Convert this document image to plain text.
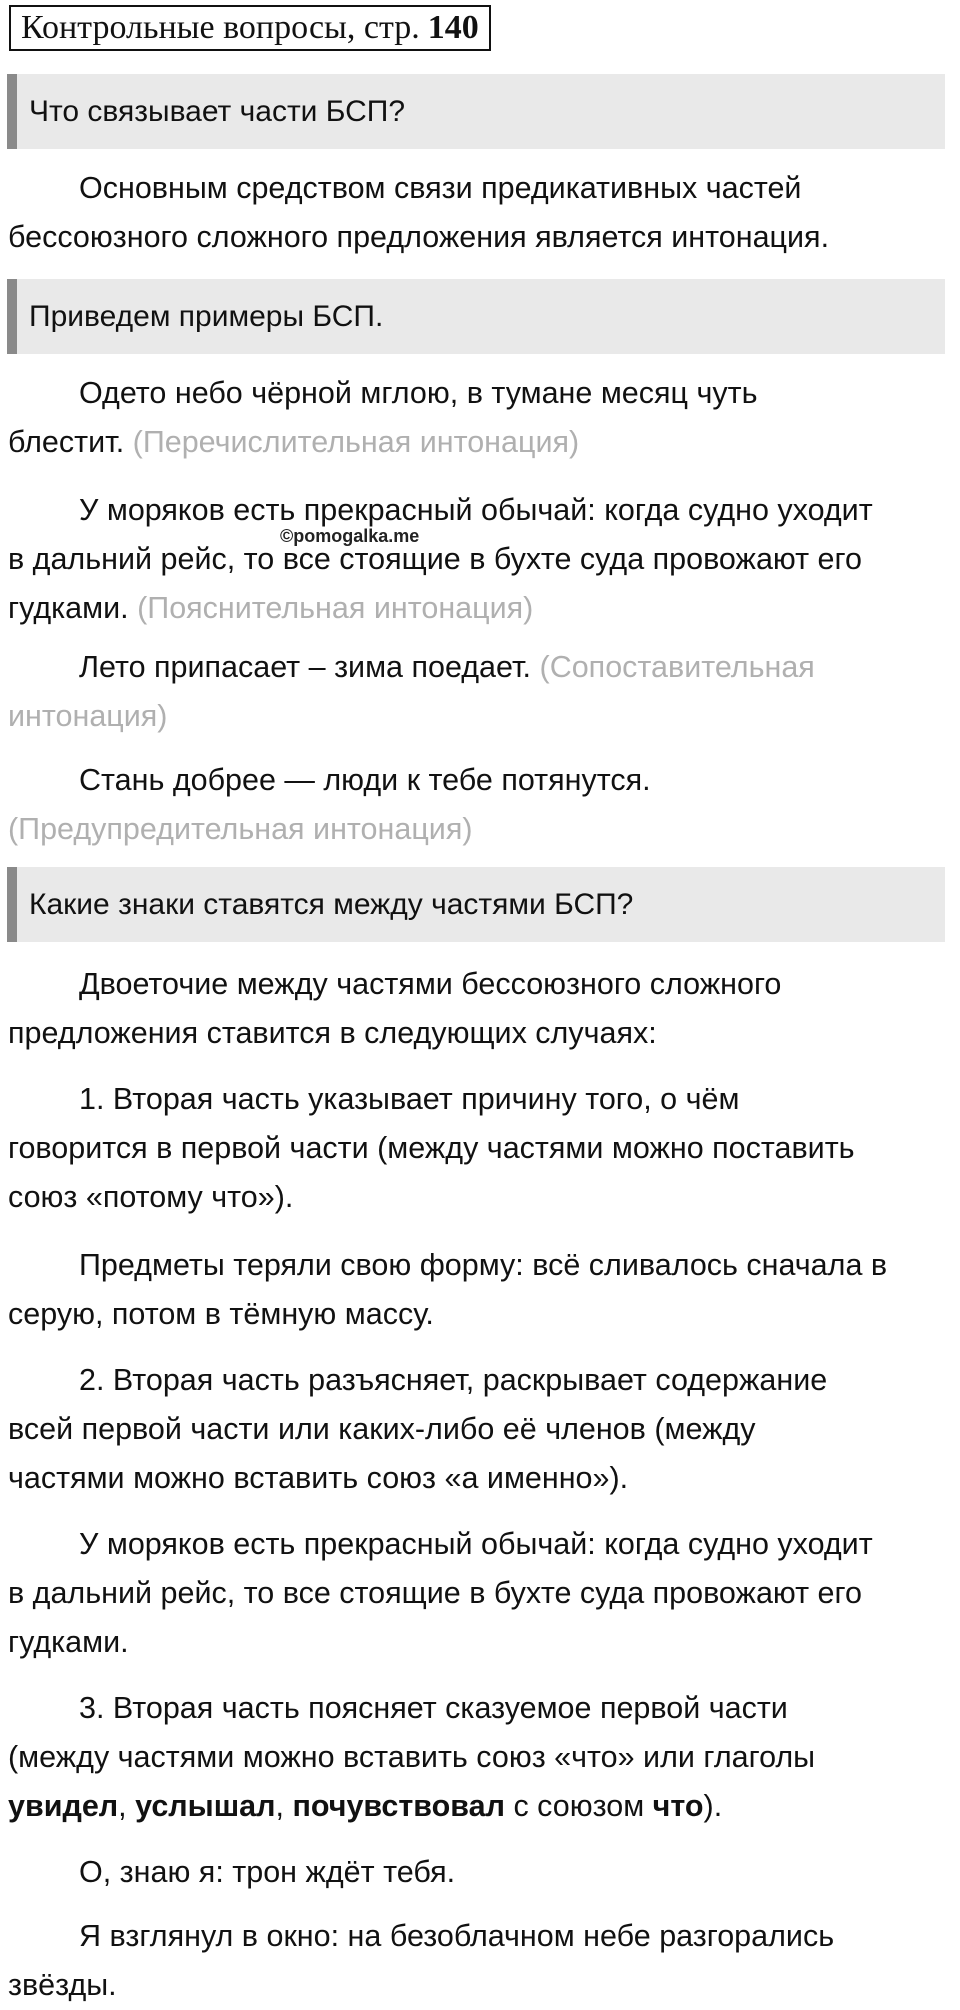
Контрольные вопросы, стр. 140
Что связывает части БСП?

Основным средством связи предикативных частей
бессоюзного сложного предложения является интонация.

Приведем примеры БСП.

Одето небо чёрной мглою, в тумане месяц чуть
блестит. (Перечислительная интонация)

У моряков есть прекрасный обычай: когда судно уходит
в дальний рейс, то все стоящие в бухте суда провожают его
гудками. (Пояснительная интонация)

Лето припасает – зима поедает. (Сопоставительная
интонация)

Стань добрее — люди к тебе потянутся.
(Предупредительная интонация)

©pomogalka.me
Какие знаки ставятся между частями БСП?

Двоеточие между частями бессоюзного сложного
предложения ставится в следующих случаях:

1. Вторая часть указывает причину того, о чём
говорится в первой части (между частями можно поставить
союз «потому что»).

Предметы теряли свою форму: всё сливалось сначала в
серую, потом в тёмную массу.

2. Вторая часть разъясняет, раскрывает содержание
всей первой части или каких-либо её членов (между
частями можно вставить союз «а именно»).

У моряков есть прекрасный обычай: когда судно уходит
в дальний рейс, то все стоящие в бухте суда провожают его
гудками.

3. Вторая часть поясняет сказуемое первой части
(между частями можно вставить союз «что» или глаголы
увидел, услышал, почувствовал с союзом что).

О, знаю я: трон ждёт тебя.

Я взглянул в окно: на безоблачном небе разгорались
звёзды.
